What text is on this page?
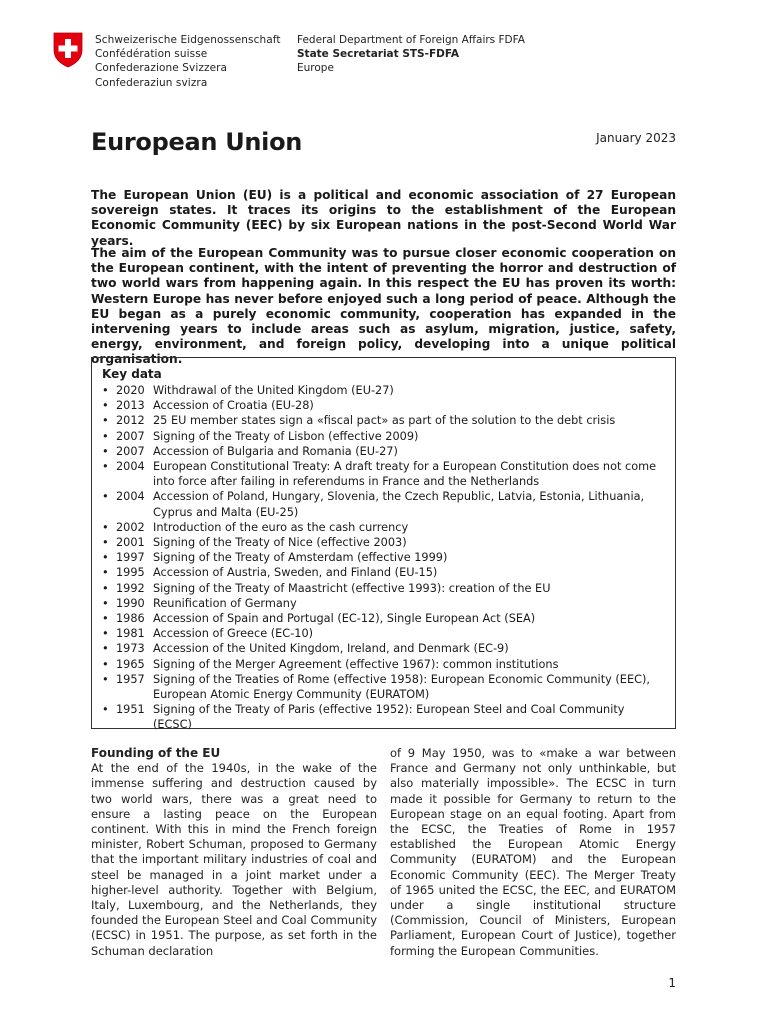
Schweizerische Eidgenossenschaft
Confédération suisse
Confederazione Svizzera
Confederaziun svizra
Federal Department of Foreign Affairs FDFA
State Secretariat STS-FDFA
Europe
European Union	January 2023

The European Union (EU) is a political and economic association of 27 European sovereign states. It traces its origins to the establishment of the European Economic Community (EEC) by six European nations in the post-Second World War years.

The aim of the European Community was to pursue closer economic cooperation on the European continent, with the intent of preventing the horror and destruction of two world wars from happening again. In this respect the EU has proven its worth: Western Europe has never before enjoyed such a long period of peace. Although the EU began as a purely economic community, cooperation has expanded in the intervening years to include areas such as asylum, migration, justice, safety, energy, environment, and foreign policy, developing into a unique political organisation.

Key data
• 2020 Withdrawal of the United Kingdom (EU-27)
• 2013 Accession of Croatia (EU-28)
• 2012 25 EU member states sign a «fiscal pact» as part of the solution to the debt crisis
• 2007 Signing of the Treaty of Lisbon (effective 2009)
• 2007 Accession of Bulgaria and Romania (EU-27)
• 2004 European Constitutional Treaty: A draft treaty for a European Constitution does not come into force after failing in referendums in France and the Netherlands
• 2004 Accession of Poland, Hungary, Slovenia, the Czech Republic, Latvia, Estonia, Lithuania, Cyprus and Malta (EU-25)
• 2002 Introduction of the euro as the cash currency
• 2001 Signing of the Treaty of Nice (effective 2003)
• 1997 Signing of the Treaty of Amsterdam (effective 1999)
• 1995 Accession of Austria, Sweden, and Finland (EU-15)
• 1992 Signing of the Treaty of Maastricht (effective 1993): creation of the EU
• 1990 Reunification of Germany
• 1986 Accession of Spain and Portugal (EC-12), Single European Act (SEA)
• 1981 Accession of Greece (EC-10)
• 1973 Accession of the United Kingdom, Ireland, and Denmark (EC-9)
• 1965 Signing of the Merger Agreement (effective 1967): common institutions
• 1957 Signing of the Treaties of Rome (effective 1958): European Economic Community (EEC), European Atomic Energy Community (EURATOM)
• 1951 Signing of the Treaty of Paris (effective 1952): European Steel and Coal Community (ECSC)
Founding of the EU
At the end of the 1940s, in the wake of the immense suffering and destruction caused by two world wars, there was a great need to ensure a lasting peace on the European continent. With this in mind the French foreign minister, Robert Schuman, proposed to Germany that the important military industries of coal and steel be managed in a joint market under a higher-level authority. Together with Belgium, Italy, Luxembourg, and the Netherlands, they founded the European Steel and Coal Community (ECSC) in 1951. The purpose, as set forth in the Schuman declaration
of 9 May 1950, was to «make a war between France and Germany not only unthinkable, but also materially impossible». The ECSC in turn made it possible for Germany to return to the European stage on an equal footing. Apart from the ECSC, the Treaties of Rome in 1957 established the European Atomic Energy Community (EURATOM) and the European Economic Community (EEC). The Merger Treaty of 1965 united the ECSC, the EEC, and EURATOM under a single institutional structure (Commission, Council of Ministers, European Parliament, European Court of Justice), together forming the European Communities.
1
